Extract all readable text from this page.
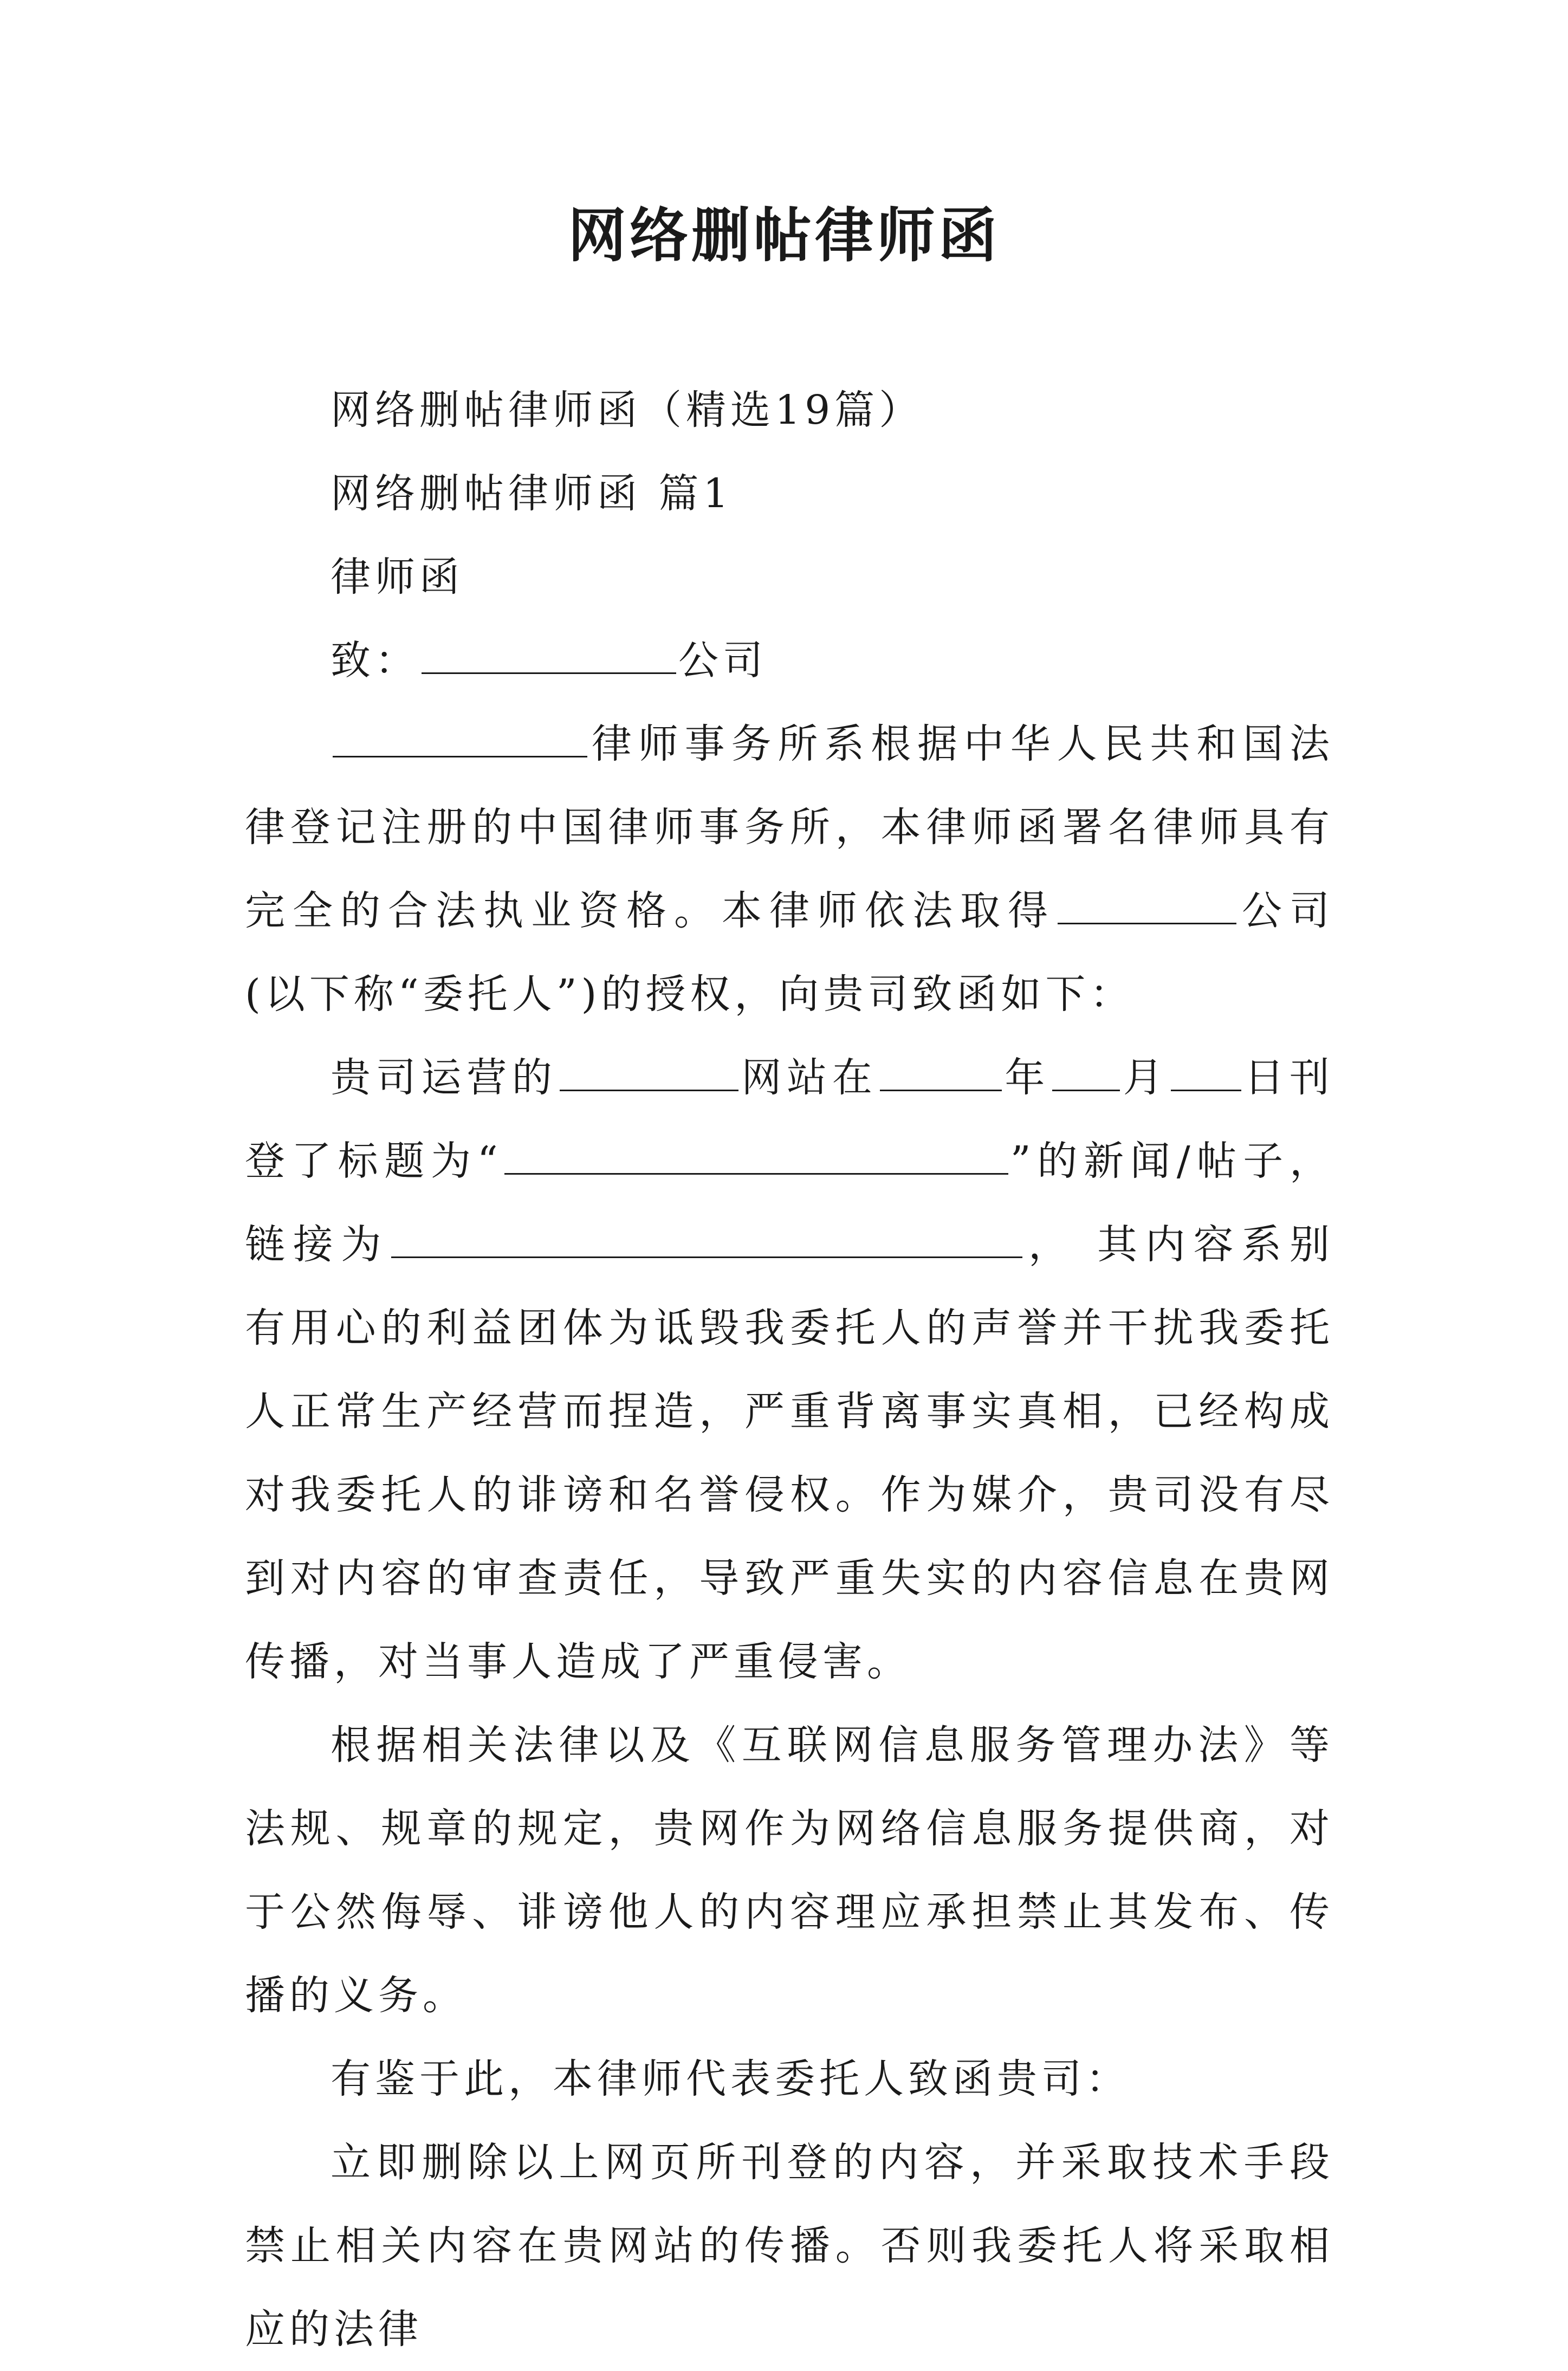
网络删帖律师函

网络删帖律师函（精选19篇）

网络删帖律师函 篇1

律师函

致：	公司

律师事务所系根据中华人民共和国法律登记注册的中国律师事务所，本律师函署名律师具有完全的合法执业资格。本律师依法取得	公司(以下称“委托人”)的授权，向贵司致函如下：

贵司运营的	网站在	年 月 日刊登了标题为“	”的新闻/帖子，链接为	， 其内容系别有用心的利益团体为诋毁我委托人的声誉并干扰我委托人正常生产经营而捏造，严重背离事实真相，已经构成对我委托人的诽谤和名誉侵权。作为媒介，贵司没有尽到对内容的审查责任，导致严重失实的内容信息在贵网传播，对当事人造成了严重侵害。

根据相关法律以及《互联网信息服务管理办法》等法规、规章的规定，贵网作为网络信息服务提供商，对于公然侮辱、诽谤他人的内容理应承担禁止其发布、传播的义务。

有鉴于此，本律师代表委托人致函贵司：

立即删除以上网页所刊登的内容，并采取技术手段禁止相关内容在贵网站的传播。否则我委托人将采取相应的法律
